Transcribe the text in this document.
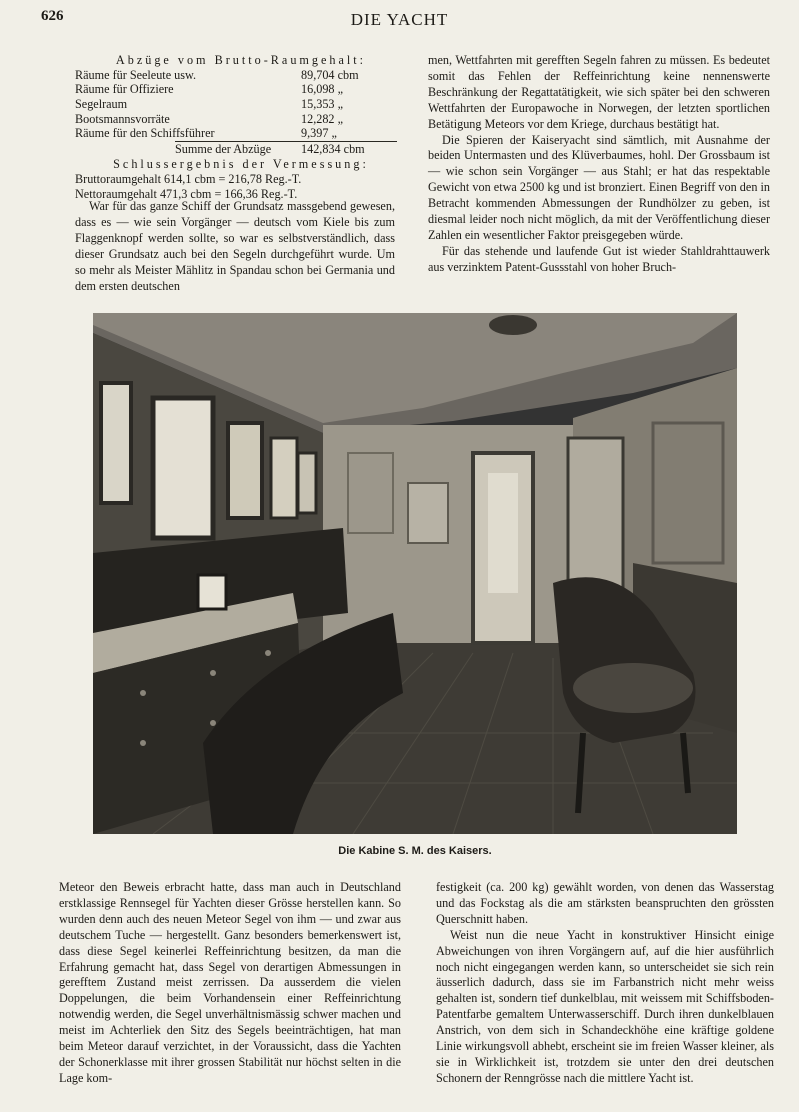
626	DIE YACHT
Abzüge vom Brutto-Raumgehalt:
Räume für Seeleute usw.	89,704 cbm
Räume für Offiziere	16,098 „
Segelraum	15,353 „
Bootsmannsvorräte	12,282 „
Räume für den Schiffsführer	9,397 „
Summe der Abzüge 142,834 cbm
Schlussergebnis der Vermessung:
Bruttoraumgehalt 614,1 cbm = 216,78 Reg.-T.
Nettoraumgehalt 471,3 cbm = 166,36 Reg.-T.

War für das ganze Schiff der Grundsatz massgebend gewesen, dass es — wie sein Vorgänger — deutsch vom Kiele bis zum Flaggenknopf werden sollte, so war es selbstverständlich, dass dieser Grundsatz auch bei den Segeln durchgeführt wurde. Um so mehr als Meister Mählitz in Spandau schon bei Germania und dem ersten deutschen

men, Wettfahrten mit gerefften Segeln fahren zu müssen. Es bedeutet somit das Fehlen der Reffeinrichtung keine nennenswerte Beschränkung der Regattatätigkeit, wie sich später bei den schweren Wettfahrten der Europawoche in Norwegen, der letzten sportlichen Betätigung Meteors vor dem Kriege, durchaus bestätigt hat.

Die Spieren der Kaiseryacht sind sämtlich, mit Ausnahme der beiden Untermasten und des Klüverbaumes, hohl. Der Grossbaum ist — wie schon sein Vorgänger — aus Stahl; er hat das respektable Gewicht von etwa 2500 kg und ist bronziert. Einen Begriff von den in Betracht kommenden Abmessungen der Rundhölzer zu geben, ist diesmal leider noch nicht möglich, da mit der Veröffentlichung dieser Zahlen ein wesentlicher Faktor preisgegeben würde.

Für das stehende und laufende Gut ist wieder Stahldrahttauwerk aus verzinktem Patent-Gussstahl von hoher Bruch-

Die Kabine S. M. des Kaisers.

Meteor den Beweis erbracht hatte, dass man auch in Deutschland erstklassige Rennsegel für Yachten dieser Grösse herstellen kann. So wurden denn auch des neuen Meteor Segel von ihm — und zwar aus deutschem Tuche — hergestellt. Ganz besonders bemerkenswert ist, dass diese Segel keinerlei Reffeinrichtung besitzen, da man die Erfahrung gemacht hat, dass Segel von derartigen Abmessungen in gerefftem Zustand meist zerrissen. Da ausserdem die vielen Doppelungen, die beim Vorhandensein einer Reffeinrichtung notwendig werden, die Segel unverhältnismässig schwer machen und meist im Achterliek den Sitz des Segels beeinträchtigen, hat man beim Meteor darauf verzichtet, in der Voraussicht, dass die Yachten der Schonerklasse mit ihrer grossen Stabilität nur höchst selten in die Lage kom-

festigkeit (ca. 200 kg) gewählt worden, von denen das Wasserstag und das Fockstag als die am stärksten beanspruchten den grössten Querschnitt haben.

Weist nun die neue Yacht in konstruktiver Hinsicht einige Abweichungen von ihren Vorgängern auf, auf die hier ausführlich noch nicht eingegangen werden kann, so unterscheidet sie sich rein äusserlich dadurch, dass sie im Farbanstrich nicht mehr weiss gehalten ist, sondern tief dunkelblau, mit weissem mit Schiffsboden-Patentfarbe gemaltem Unterwasserschiff. Durch ihren dunkelblauen Anstrich, von dem sich in Schandeckhöhe eine kräftige goldene Linie wirkungsvoll abhebt, erscheint sie im freien Wasser kleiner, als sie in Wirklichkeit ist, trotzdem sie unter den drei deutschen Schonern der Renngrösse nach die mittlere Yacht ist.
